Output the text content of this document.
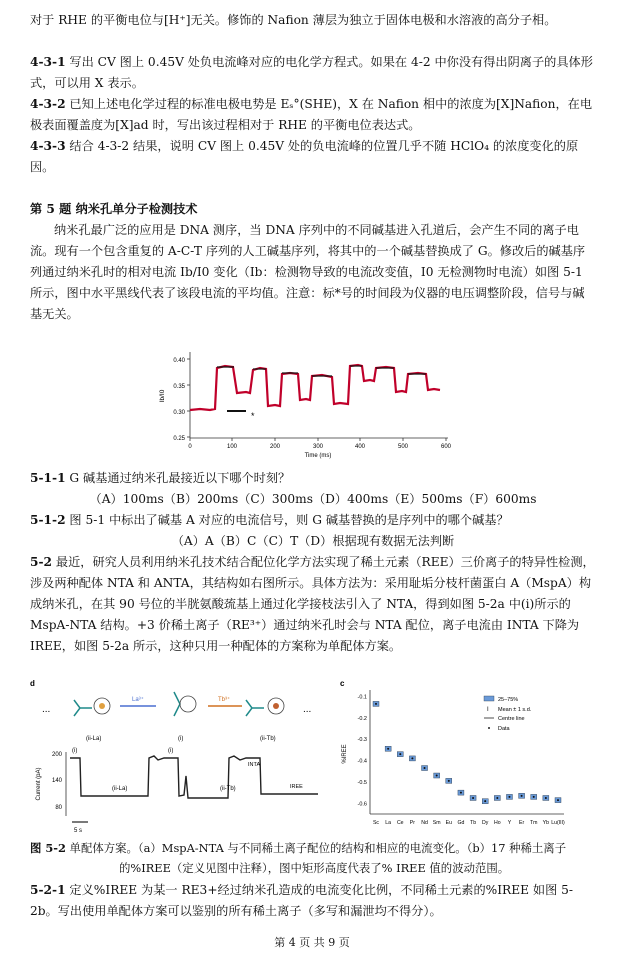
对于 RHE 的平衡电位与[H⁺]无关。修饰的 Nafion 薄层为独立于固体电极和水溶液的高分子相。

4-3-1 写出 CV 图上 0.45V 处负电流峰对应的电化学方程式。如果在 4-2 中你没有得出阴离子的具体形式，可以用 X 表示。

4-3-2 已知上述电化学过程的标准电极电势是 Eₛ°(SHE)，X 在 Nafion 相中的浓度为[X]Nafion，在电极表面覆盖度为[X]ad 时，写出该过程相对于 RHE 的平衡电位表达式。

4-3-3 结合 4-3-2 结果，说明 CV 图上 0.45V 处的负电流峰的位置几乎不随 HClO₄ 的浓度变化的原因。

第 5 题 纳米孔单分子检测技术

纳米孔最广泛的应用是 DNA 测序，当 DNA 序列中的不同碱基进入孔道后，会产生不同的离子电流。现有一个包含重复的 A-C-T 序列的人工碱基序列，将其中的一个碱基替换成了 G。修改后的碱基序列通过纳米孔时的相对电流 Ib/I0 变化（Ib：检测物导致的电流改变值，I0 无检测物时电流）如图 5-1 所示，图中水平黑线代表了该段电流的平均值。注意：标*号的时间段为仪器的电压调整阶段，信号与碱基无关。

0.40
0.35
0.30
0.25
0	100	200	300	400	500	600
Time (ms)
Ib/I0
*

5-1-1 G 碱基通过纳米孔最接近以下哪个时刻？

（A）100ms（B）200ms（C）300ms（D）400ms（E）500ms（F）600ms

5-1-2 图 5-1 中标出了碱基 A 对应的电流信号，则 G 碱基替换的是序列中的哪个碱基？

（A）A（B）C（C）T（D）根据现有数据无法判断

5-2 最近，研究人员利用纳米孔技术结合配位化学方法实现了稀土元素（REE）三价离子的特异性检测，涉及两种配体 NTA 和 ANTA，其结构如右图所示。具体方法为：采用耻垢分枝杆菌蛋白 A（MspA）构成纳米孔，在其 90 号位的半胱氨酸巯基上通过化学接枝法引入了 NTA，得到如图 5-2a 中(i)所示的 MspA-NTA 结构。+3 价稀土离子（RE³⁺）通过纳米孔时会与 NTA 配位，离子电流由 INTA 下降为 IREE，如图 5-2a 所示，这种只用一种配体的方案称为单配体方案。

d
...	...
La³⁺	Tb³⁺
(ii-La)	(i)	(ii-Tb)
200
140
80
Current (pA)
(i)
(ii-La)
(i)
(ii-Tb)
INTA
IREE
5 s
c
%IREE
-0.1
-0.2
-0.3
-0.4
-0.5
-0.6
Sc La Ce Pr Nd Sm Eu Gd Tb Dy Ho Y Er Tm Yb Lu(III)
25–75%
I Mean ± 1 s.d.
Centre line
Data
图 5-2 单配体方案。（a）MspA-NTA 与不同稀土离子配位的结构和相应的电流变化。（b）17 种稀土离子
的%IREE（定义见图中注释），图中矩形高度代表了% IREE 值的波动范围。

5-2-1 定义%IREE 为某一 RE3+经过纳米孔造成的电流变化比例，不同稀土元素的%IREE 如图 5-2b。写出使用单配体方案可以鉴别的所有稀土离子（多写和漏泄均不得分）。

第 4 页 共 9 页
